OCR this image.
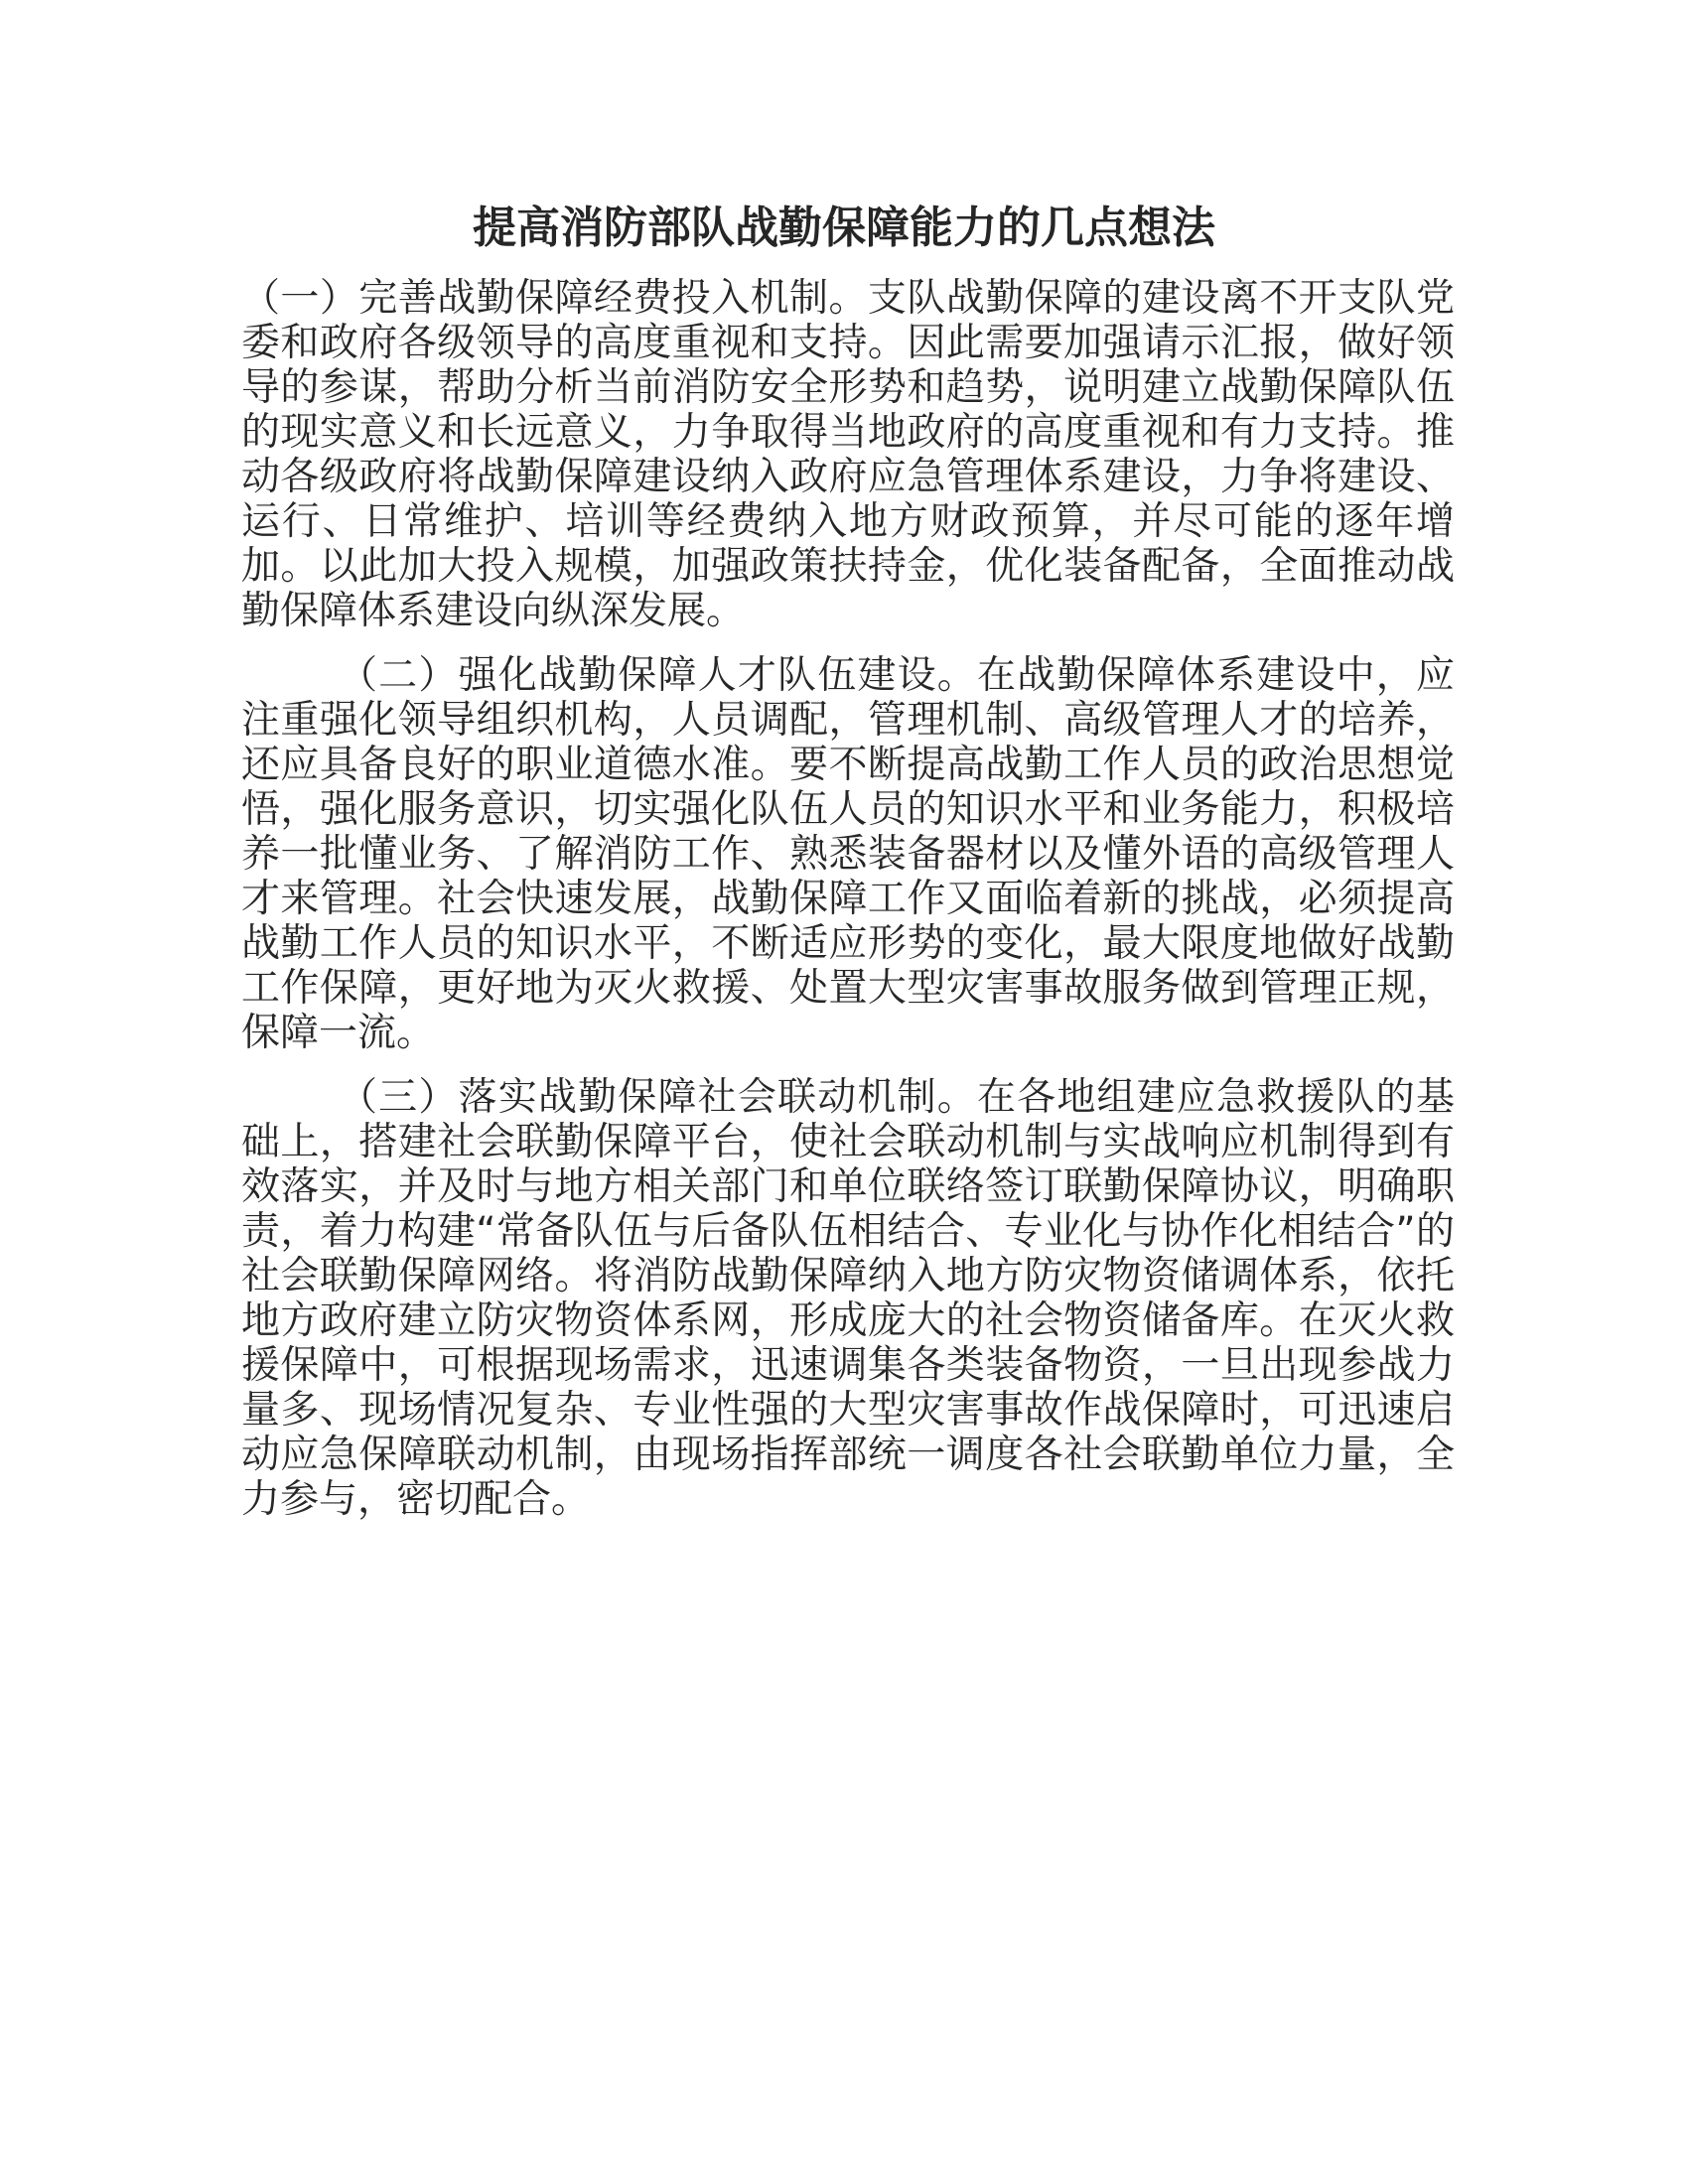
提高消防部队战勤保障能力的几点想法

（一）完善战勤保障经费投入机制。支队战勤保障的建设离不开支队党委和政府各级领导的高度重视和支持。因此需要加强请示汇报，做好领导的参谋，帮助分析当前消防安全形势和趋势，说明建立战勤保障队伍的现实意义和长远意义，力争取得当地政府的高度重视和有力支持。推动各级政府将战勤保障建设纳入政府应急管理体系建设，力争将建设、运行、日常维护、培训等经费纳入地方财政预算，并尽可能的逐年增加。以此加大投入规模，加强政策扶持金，优化装备配备，全面推动战勤保障体系建设向纵深发展。

（二）强化战勤保障人才队伍建设。在战勤保障体系建设中，应注重强化领导组织机构，人员调配，管理机制、高级管理人才的培养，还应具备良好的职业道德水准。要不断提高战勤工作人员的政治思想觉悟，强化服务意识，切实强化队伍人员的知识水平和业务能力，积极培养一批懂业务、了解消防工作、熟悉装备器材以及懂外语的高级管理人才来管理。社会快速发展，战勤保障工作又面临着新的挑战，必须提高战勤工作人员的知识水平，不断适应形势的变化，最大限度地做好战勤工作保障，更好地为灭火救援、处置大型灾害事故服务做到管理正规，保障一流。

（三）落实战勤保障社会联动机制。在各地组建应急救援队的基础上，搭建社会联勤保障平台，使社会联动机制与实战响应机制得到有效落实，并及时与地方相关部门和单位联络签订联勤保障协议，明确职责，着力构建“常备队伍与后备队伍相结合、专业化与协作化相结合”的社会联勤保障网络。将消防战勤保障纳入地方防灾物资储调体系，依托地方政府建立防灾物资体系网，形成庞大的社会物资储备库。在灭火救援保障中，可根据现场需求，迅速调集各类装备物资，一旦出现参战力量多、现场情况复杂、专业性强的大型灾害事故作战保障时，可迅速启动应急保障联动机制，由现场指挥部统一调度各社会联勤单位力量，全力参与，密切配合。
